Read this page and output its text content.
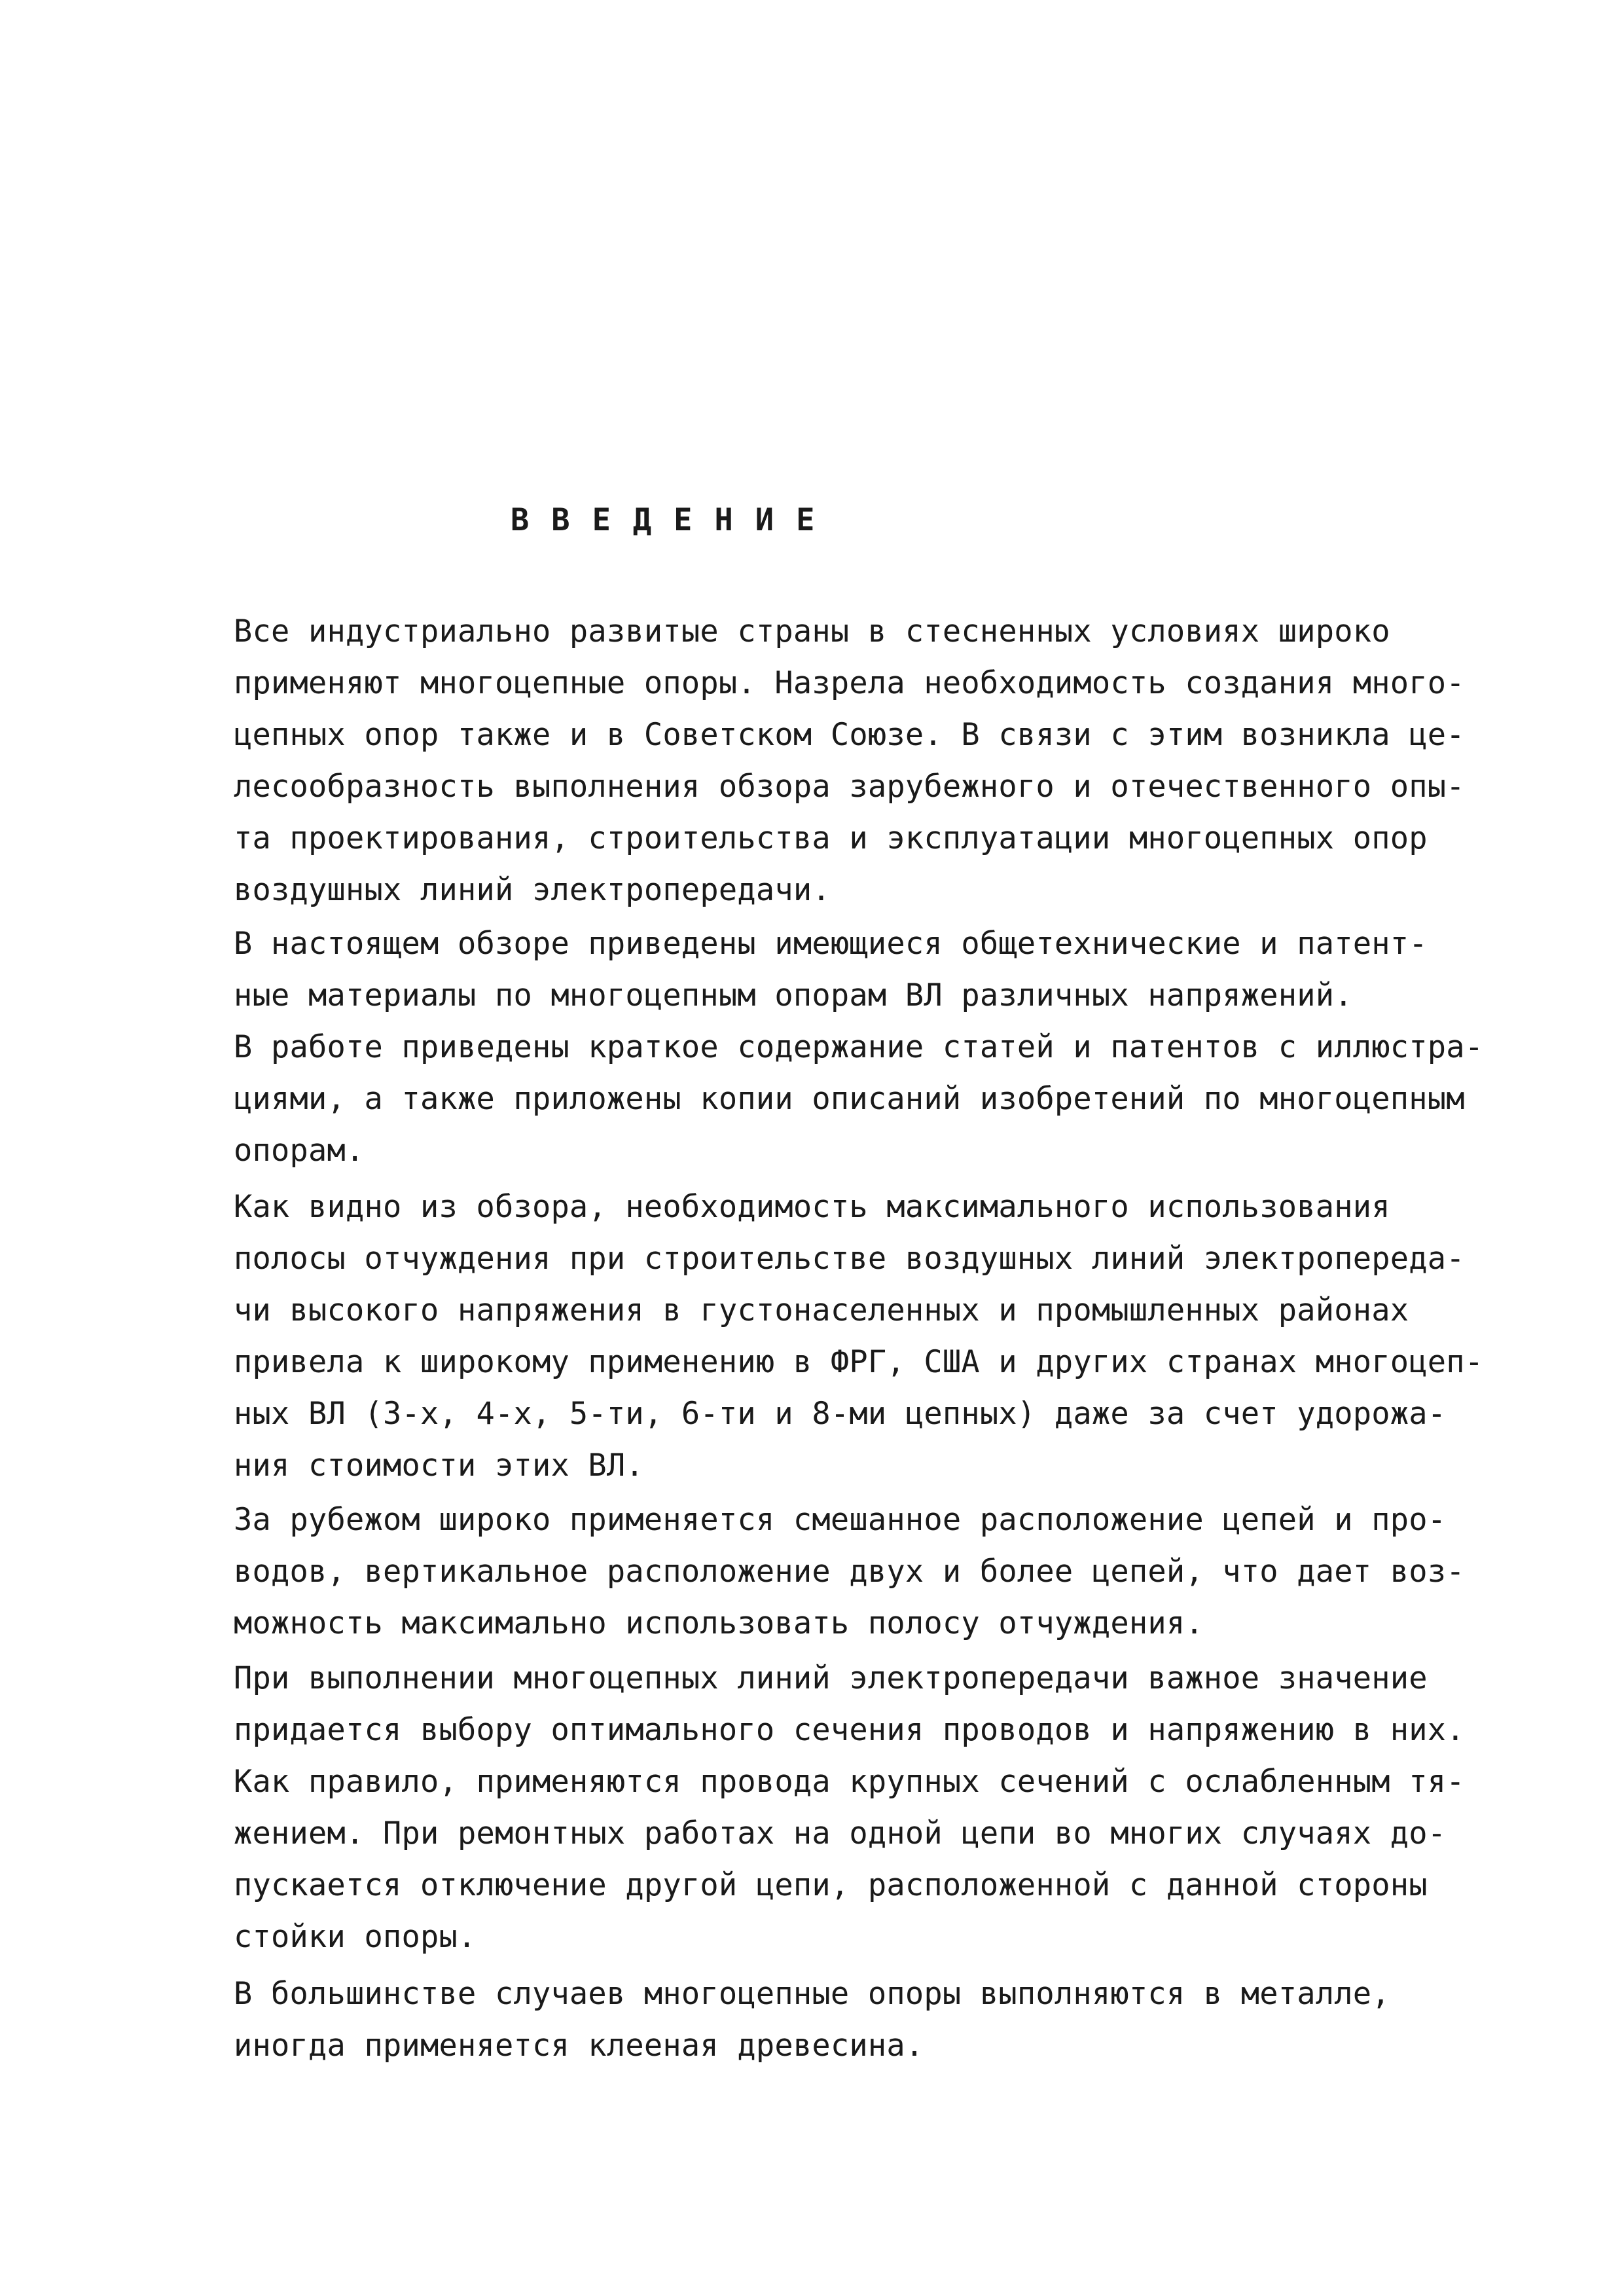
ВВЕДЕНИЕ

Все индустриально развитые страны в стесненных условиях широко
применяют многоцепные опоры. Назрела необходимость создания много-
цепных опор также и в Советском Союзе. В связи с этим возникла це-
лесообразность выполнения обзора зарубежного и отечественного опы-
та проектирования, строительства и эксплуатации многоцепных опор
воздушных линий электропередачи.

В настоящем обзоре приведены имеющиеся общетехнические и патент-
ные материалы по многоцепным опорам ВЛ различных напряжений.
В работе приведены краткое содержание статей и патентов с иллюстра-
циями, а также приложены копии описаний изобретений по многоцепным
опорам.

Как видно из обзора, необходимость максимального использования
полосы отчуждения при строительстве воздушных линий электропереда-
чи высокого напряжения в густонаселенных и промышленных районах
привела к широкому применению в ФРГ, США и других странах многоцеп-
ных ВЛ (3-х, 4-х, 5-ти, 6-ти и 8-ми цепных) даже за счет удорожа-
ния стоимости этих ВЛ.

За рубежом широко применяется смешанное расположение цепей и про-
водов, вертикальное расположение двух и более цепей, что дает воз-
можность максимально использовать полосу отчуждения.

При выполнении многоцепных линий электропередачи важное значение
придается выбору оптимального сечения проводов и напряжению в них.
Как правило, применяются провода крупных сечений с ослабленным тя-
жением. При ремонтных работах на одной цепи во многих случаях до-
пускается отключение другой цепи, расположенной с данной стороны
стойки опоры.

В большинстве случаев многоцепные опоры выполняются в металле,
иногда применяется клееная древесина.
